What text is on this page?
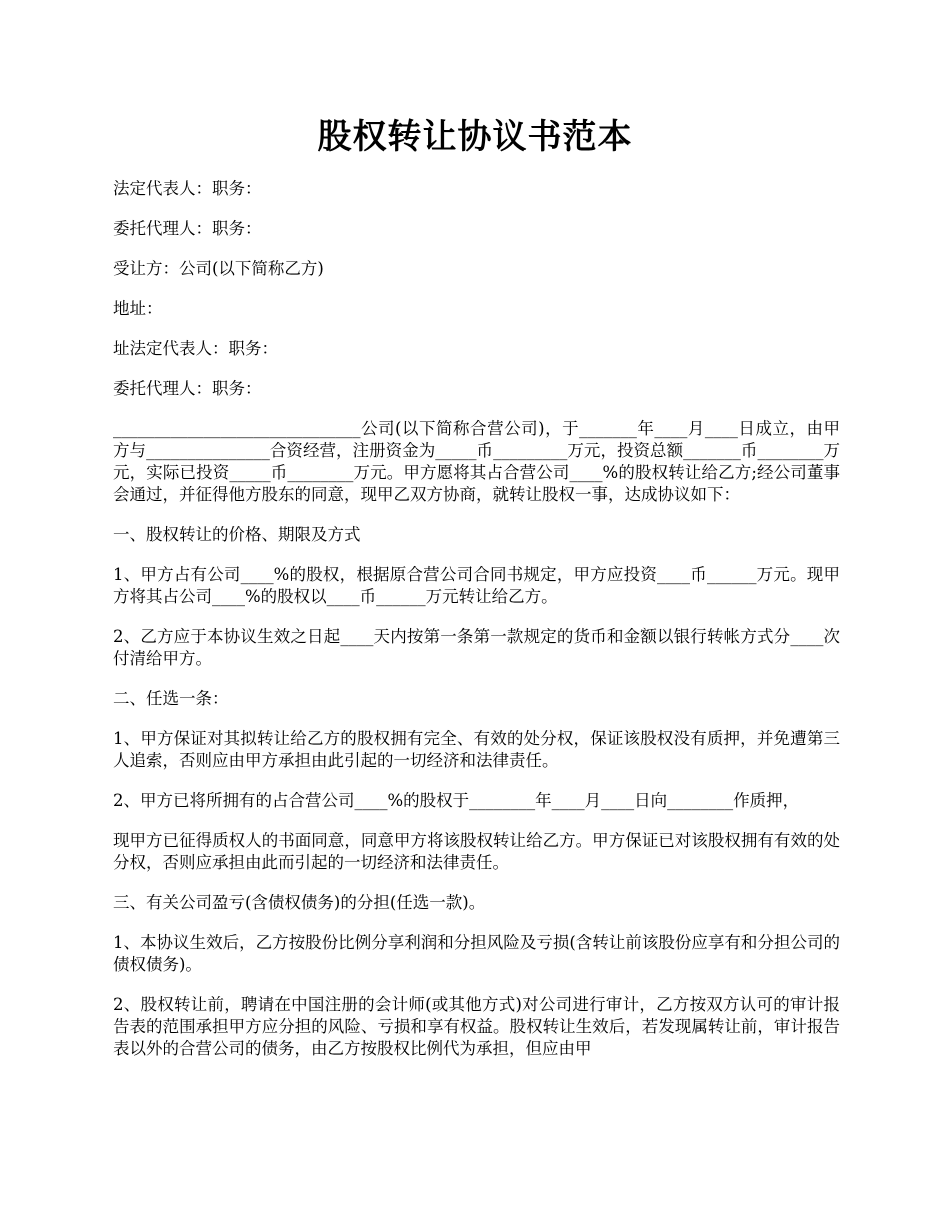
股权转让协议书范本

法定代表人：职务：

委托代理人：职务：

受让方：公司(以下简称乙方)

地址：

址法定代表人：职务：

委托代理人：职务：

______________________________公司(以下简称合营公司)，于_______年____月____日成立，由甲方与_______________合资经营，注册资金为_____币_________万元，投资总额_______币________万元，实际已投资_____币________万元。甲方愿将其占合营公司____%的股权转让给乙方;经公司董事会通过，并征得他方股东的同意，现甲乙双方协商，就转让股权一事，达成协议如下：

一、股权转让的价格、期限及方式

1、甲方占有公司____%的股权，根据原合营公司合同书规定，甲方应投资____币______万元。现甲方将其占公司____%的股权以____币______万元转让给乙方。

2、乙方应于本协议生效之日起____天内按第一条第一款规定的货币和金额以银行转帐方式分____次付清给甲方。

二、任选一条：

1、甲方保证对其拟转让给乙方的股权拥有完全、有效的处分权，保证该股权没有质押，并免遭第三人追索，否则应由甲方承担由此引起的一切经济和法律责任。

2、甲方已将所拥有的占合营公司____%的股权于________年____月____日向________作质押，

现甲方已征得质权人的书面同意，同意甲方将该股权转让给乙方。甲方保证已对该股权拥有有效的处分权，否则应承担由此而引起的一切经济和法律责任。

三、有关公司盈亏(含债权债务)的分担(任选一款)。

1、本协议生效后，乙方按股份比例分享利润和分担风险及亏损(含转让前该股份应享有和分担公司的债权债务)。

2、股权转让前，聘请在中国注册的会计师(或其他方式)对公司进行审计，乙方按双方认可的审计报告表的范围承担甲方应分担的风险、亏损和享有权益。股权转让生效后，若发现属转让前，审计报告表以外的合营公司的债务，由乙方按股权比例代为承担，但应由甲
